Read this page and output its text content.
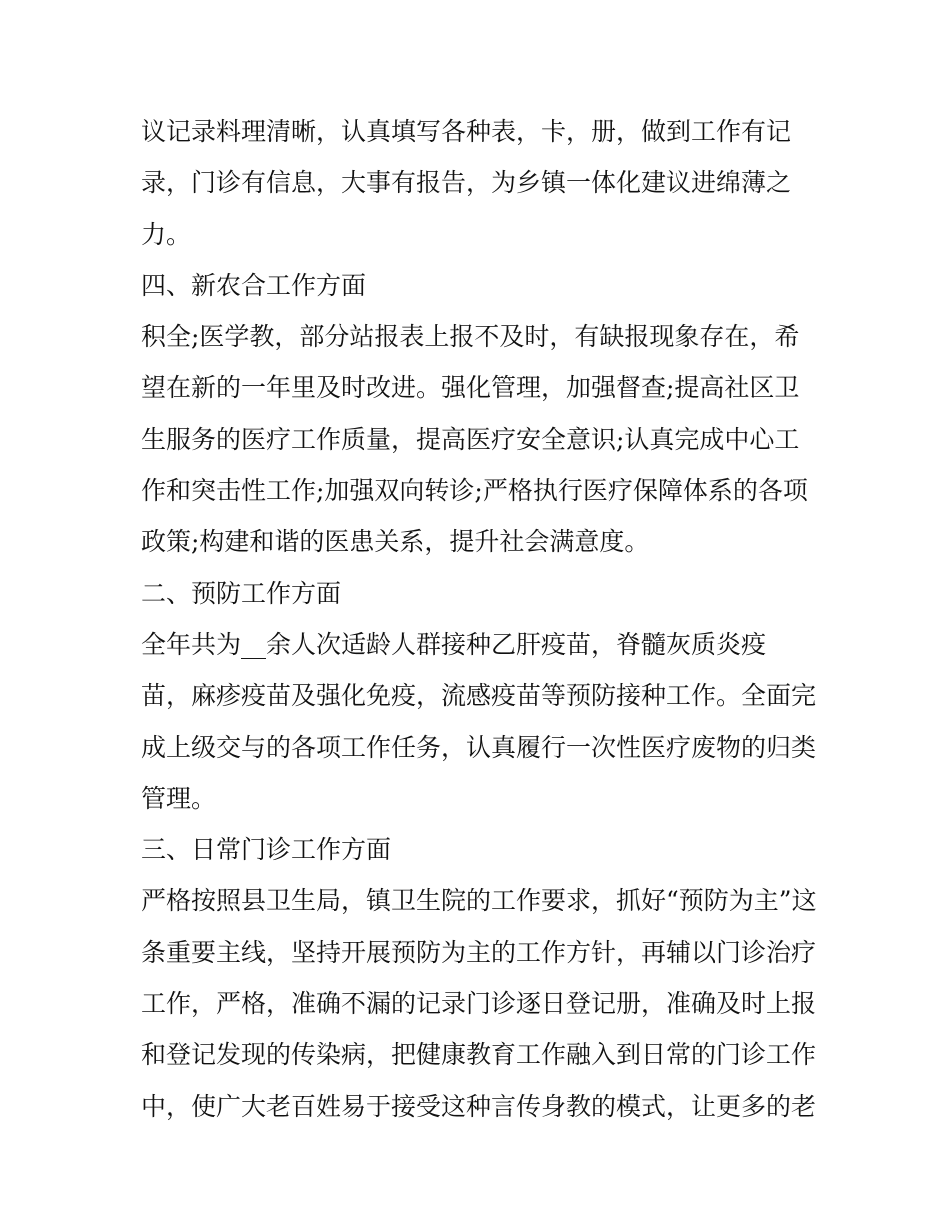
议记录料理清晰，认真填写各种表，卡，册，做到工作有记
录，门诊有信息，大事有报告，为乡镇一体化建议进绵薄之
力。
四、新农合工作方面
积全;医学教，部分站报表上报不及时，有缺报现象存在，希
望在新的一年里及时改进。强化管理，加强督查;提高社区卫
生服务的医疗工作质量，提高医疗安全意识;认真完成中心工
作和突击性工作;加强双向转诊;严格执行医疗保障体系的各项
政策;构建和谐的医患关系，提升社会满意度。
二、预防工作方面
全年共为__余人次适龄人群接种乙肝疫苗，脊髓灰质炎疫
苗，麻疹疫苗及强化免疫，流感疫苗等预防接种工作。全面完
成上级交与的各项工作任务，认真履行一次性医疗废物的归类
管理。
三、日常门诊工作方面
严格按照县卫生局，镇卫生院的工作要求，抓好“预防为主”这
条重要主线，坚持开展预防为主的工作方针，再辅以门诊治疗
工作，严格，准确不漏的记录门诊逐日登记册，准确及时上报
和登记发现的传染病，把健康教育工作融入到日常的门诊工作
中，使广大老百姓易于接受这种言传身教的模式，让更多的老
